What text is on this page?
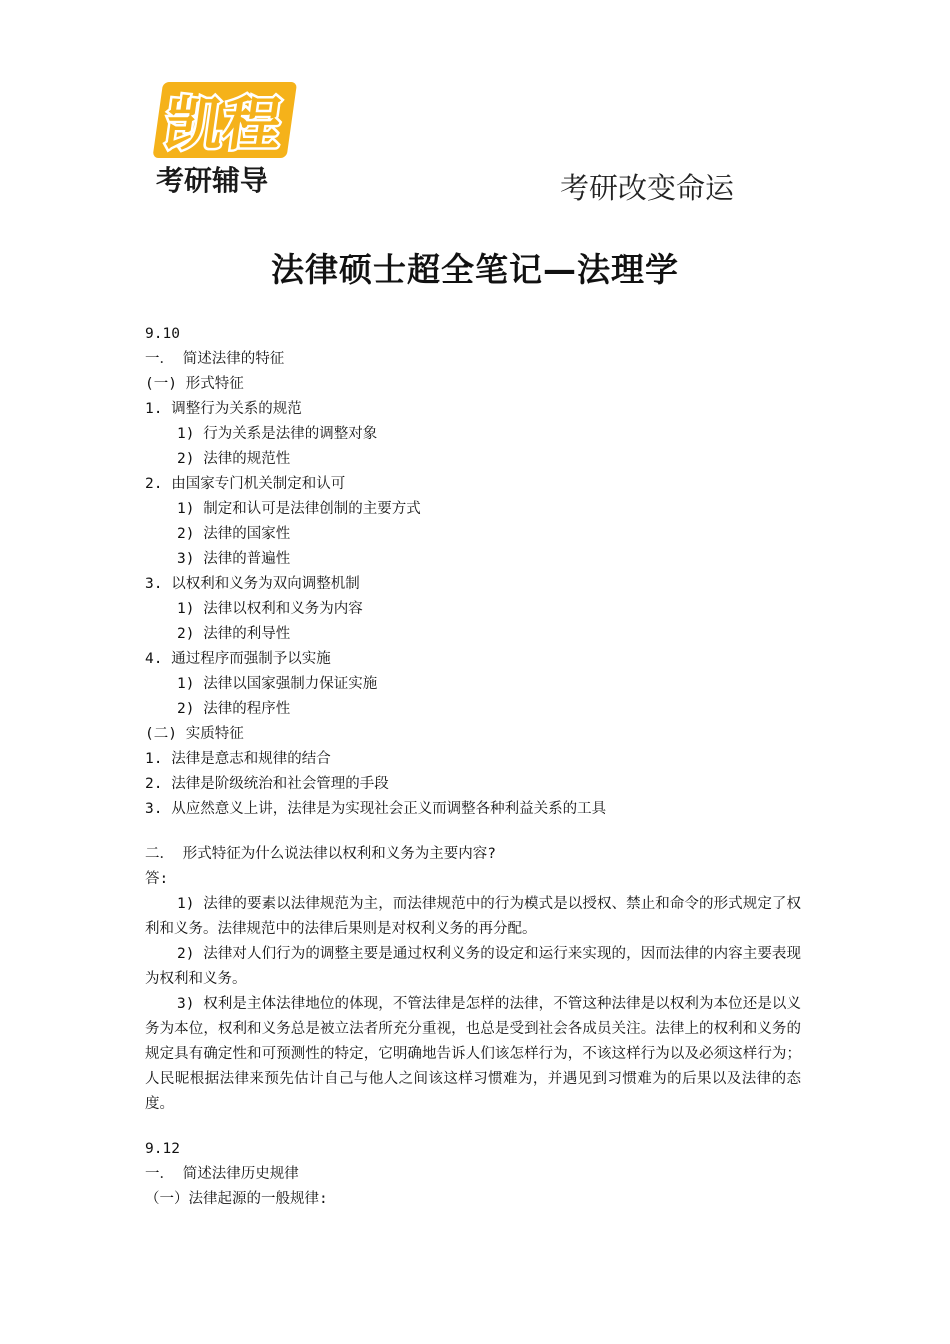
凯程
考研辅导	考研改变命运
法律硕士超全笔记—法理学
9.10
一． 简述法律的特征
(一) 形式特征
1. 调整行为关系的规范
1) 行为关系是法律的调整对象
2) 法律的规范性
2. 由国家专门机关制定和认可
1) 制定和认可是法律创制的主要方式
2) 法律的国家性
3) 法律的普遍性
3. 以权利和义务为双向调整机制
1) 法律以权利和义务为内容
2) 法律的利导性
4. 通过程序而强制予以实施
1) 法律以国家强制力保证实施
2) 法律的程序性
(二) 实质特征
1. 法律是意志和规律的结合
2. 法律是阶级统治和社会管理的手段
3. 从应然意义上讲，法律是为实现社会正义而调整各种利益关系的工具
二． 形式特征为什么说法律以权利和义务为主要内容?
答:

1) 法律的要素以法律规范为主，而法律规范中的行为模式是以授权、禁止和命令的形式规定了权利和义务。法律规范中的法律后果则是对权利义务的再分配。

2) 法律对人们行为的调整主要是通过权利义务的设定和运行来实现的，因而法律的内容主要表现为权利和义务。

3) 权利是主体法律地位的体现，不管法律是怎样的法律，不管这种法律是以权利为本位还是以义务为本位，权利和义务总是被立法者所充分重视，也总是受到社会各成员关注。法律上的权利和义务的规定具有确定性和可预测性的特定，它明确地告诉人们该怎样行为，不该这样行为以及必须这样行为；人民昵根据法律来预先估计自己与他人之间该这样习惯难为，并遇见到习惯难为的后果以及法律的态度。

9.12
一． 简述法律历史规律
（一）法律起源的一般规律:
